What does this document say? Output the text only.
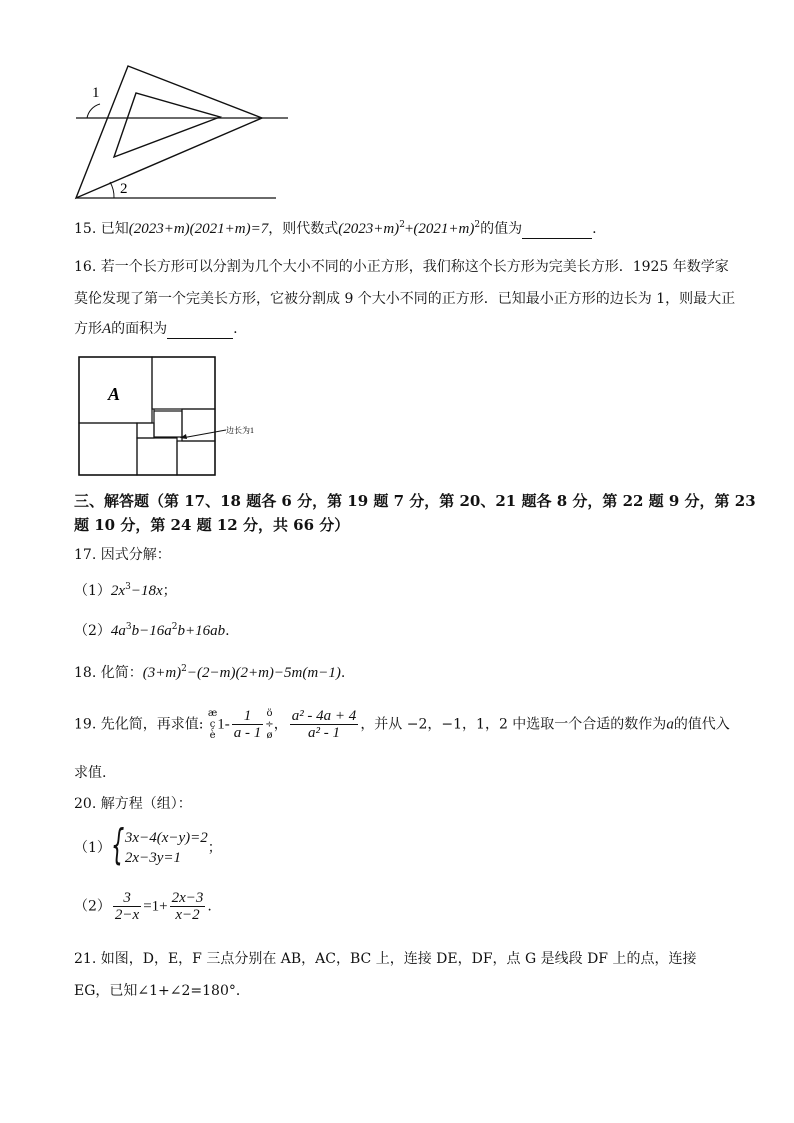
1
2
15. 已知(2023+m)(2021+m)=7，则代数式$(2023+m)^2+(2021+m)^2$的值为	.
16. 若一个长方形可以分割为几个大小不同的小正方形，我们称这个长方形为完美长方形．1925 年数学家
莫伦发现了第一个完美长方形，它被分割成 9 个大小不同的正方形．已知最小正方形的边长为 1，则最大正
方形A的面积为	.
A
边长为1
三、解答题（第 17、18 题各 6 分，第 19 题 7 分，第 20、21 题各 8 分，第 22 题 9 分，第 23
题 10 分，第 24 题 12 分，共 66 分）
17. 因式分解：
$(1)2x^3-18x$；
$(2)4a^3b-16a^2b+16ab$.
18. 化简：$(3+m)^2-(2-m)(2+m)-5m(m-1)$.
19. 先化简，再求值:
æ
ç
è
$1- \frac{1}{a - 1}$ ö
÷
ø
， $\frac{\text{a² - 4a + 4}}{\text{a² - 1}}$ ，并从 −2，−1，1，2 中选取一个合适的数作为a的值代入
求值.
20. 解方程（组）：
（1） { 3x−4(x−y)=2
2x−3y=1
；
$(2) \frac{3}{2-x} =1+ \frac{2x-3}{x-2}$ .
21. 如图，D，E，F 三点分别在 AB，AC，BC 上，连接 DE，DF，点 G 是线段 DF 上的点，连接
EG，已知∠1+∠2=180°．
